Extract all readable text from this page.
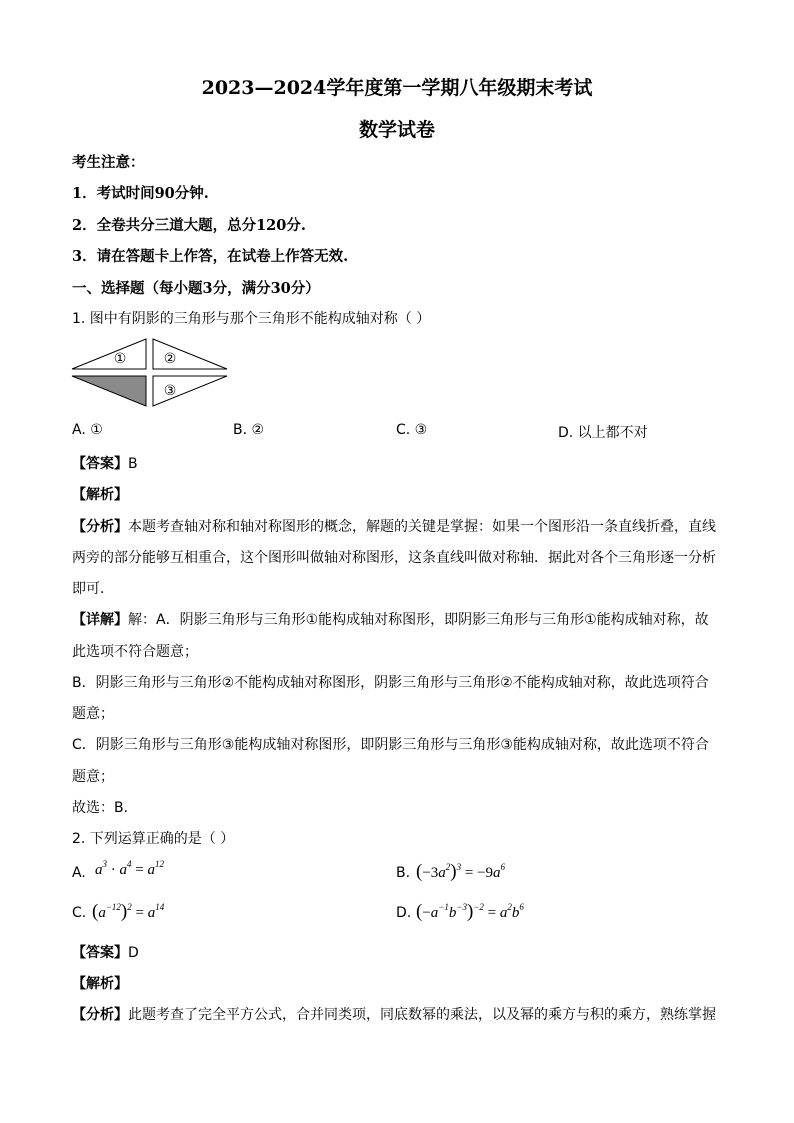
2023—2024学年度第一学期八年级期末考试
数学试卷
考生注意：
1．考试时间90分钟.
2．全卷共分三道大题，总分120分.
3．请在答题卡上作答，在试卷上作答无效.
一、选择题（每小题3分，满分30分）
1. 图中有阴影的三角形与那个三角形不能构成轴对称（ ）
①	②
③
A. ①	B. ②	C. ③	D. 以上都不对
【答案】B
【解析】
【分析】本题考查轴对称和轴对称图形的概念，解题的关键是掌握：如果一个图形沿一条直线折叠，直线
两旁的部分能够互相重合，这个图形叫做轴对称图形，这条直线叫做对称轴．据此对各个三角形逐一分析
即可．
【详解】解：A．阴影三角形与三角形①能构成轴对称图形，即阴影三角形与三角形①能构成轴对称，故
此选项不符合题意；
B．阴影三角形与三角形②不能构成轴对称图形，阴影三角形与三角形②不能构成轴对称，故此选项符合
题意；
C．阴影三角形与三角形③能构成轴对称图形，即阴影三角形与三角形③能构成轴对称，故此选项不符合
题意；
故选：B．
2. 下列运算正确的是（ ）
A. $a^3 \cdot a^4 = a^{12}$
B. $(-3a^2)^3 = -9a^6$
C. $(a^{-12})^2 = a^{14}$	D. $(-a^{-1}b^{-3})^{-2} = a^2b^6$
【答案】D
【解析】
【分析】此题考查了完全平方公式，合并同类项，同底数幂的乘法，以及幂的乘方与积的乘方，熟练掌握
